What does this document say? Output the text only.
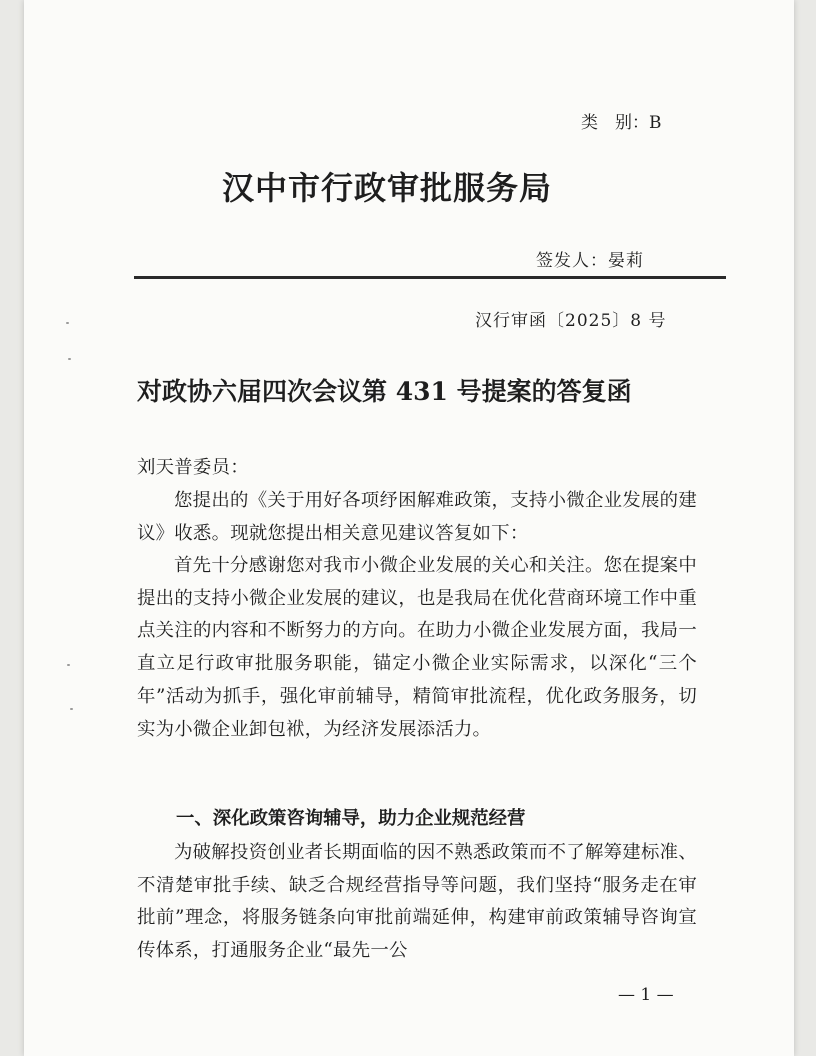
类　别：B
汉中市行政审批服务局
签发人：晏莉
汉行审函〔2025〕8 号
对政协六届四次会议第 431 号提案的答复函
刘天普委员：
您提出的《关于用好各项纾困解难政策，支持小微企业发展的建议》收悉。现就您提出相关意见建议答复如下：
首先十分感谢您对我市小微企业发展的关心和关注。您在提案中提出的支持小微企业发展的建议，也是我局在优化营商环境工作中重点关注的内容和不断努力的方向。在助力小微企业发展方面，我局一直立足行政审批服务职能，锚定小微企业实际需求，以深化“三个年”活动为抓手，强化审前辅导，精简审批流程，优化政务服务，切实为小微企业卸包袱，为经济发展添活力。
一、深化政策咨询辅导，助力企业规范经营
为破解投资创业者长期面临的因不熟悉政策而不了解筹建标准、不清楚审批手续、缺乏合规经营指导等问题，我们坚持“服务走在审批前”理念，将服务链条向审批前端延伸，构建审前政策辅导咨询宣传体系，打通服务企业“最先一公
— 1 —
